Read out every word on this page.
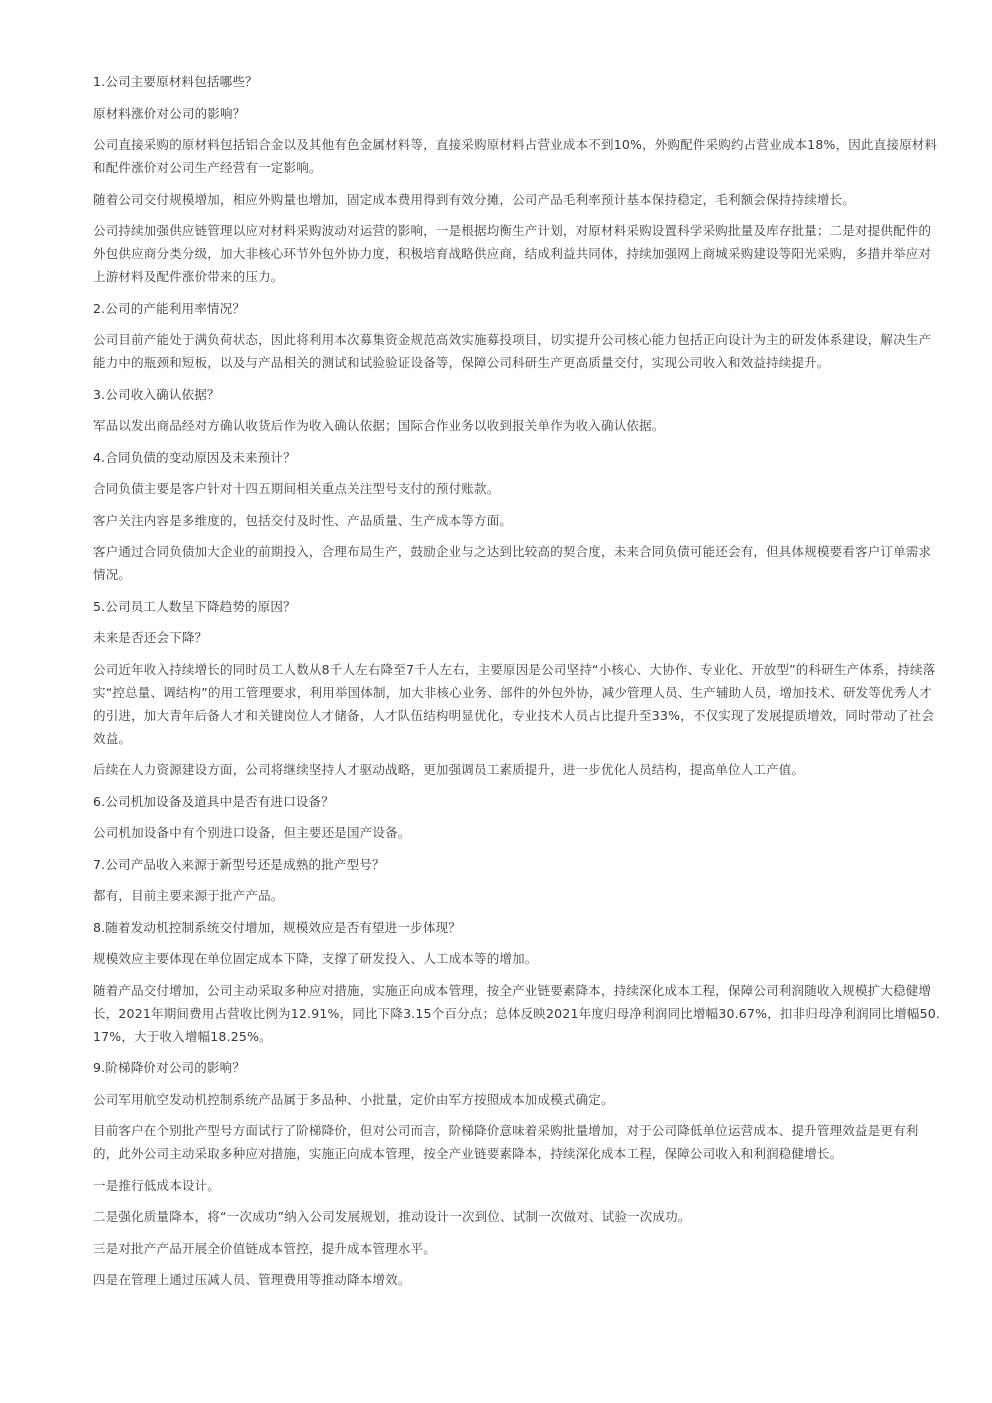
1.公司主要原材料包括哪些？

原材料涨价对公司的影响？

公司直接采购的原材料包括铝合金以及其他有色金属材料等，直接采购原材料占营业成本不到10%，外购配件采购约占营业成本18%，因此直接原材料和配件涨价对公司生产经营有一定影响。

随着公司交付规模增加，相应外购量也增加，固定成本费用得到有效分摊，公司产品毛利率预计基本保持稳定，毛利额会保持持续增长。

公司持续加强供应链管理以应对材料采购波动对运营的影响，一是根据均衡生产计划，对原材料采购设置科学采购批量及库存批量；二是对提供配件的外包供应商分类分级，加大非核心环节外包外协力度，积极培育战略供应商，结成利益共同体，持续加强网上商城采购建设等阳光采购，多措并举应对上游材料及配件涨价带来的压力。

2.公司的产能利用率情况？

公司目前产能处于满负荷状态，因此将利用本次募集资金规范高效实施募投项目，切实提升公司核心能力包括正向设计为主的研发体系建设，解决生产能力中的瓶颈和短板，以及与产品相关的测试和试验验证设备等，保障公司科研生产更高质量交付，实现公司收入和效益持续提升。

3.公司收入确认依据？

军品以发出商品经对方确认收货后作为收入确认依据；国际合作业务以收到报关单作为收入确认依据。

4.合同负债的变动原因及未来预计？

合同负债主要是客户针对十四五期间相关重点关注型号支付的预付账款。

客户关注内容是多维度的，包括交付及时性、产品质量、生产成本等方面。

客户通过合同负债加大企业的前期投入，合理布局生产，鼓励企业与之达到比较高的契合度，未来合同负债可能还会有，但具体规模要看客户订单需求情况。

5.公司员工人数呈下降趋势的原因？

未来是否还会下降？

公司近年收入持续增长的同时员工人数从8千人左右降至7千人左右，主要原因是公司坚持“小核心、大协作、专业化、开放型”的科研生产体系，持续落实“控总量、调结构”的用工管理要求，利用举国体制，加大非核心业务、部件的外包外协，减少管理人员、生产辅助人员，增加技术、研发等优秀人才的引进，加大青年后备人才和关键岗位人才储备，人才队伍结构明显优化，专业技术人员占比提升至33%，不仅实现了发展提质增效，同时带动了社会效益。

后续在人力资源建设方面，公司将继续坚持人才驱动战略，更加强调员工素质提升，进一步优化人员结构，提高单位人工产值。

6.公司机加设备及道具中是否有进口设备？

公司机加设备中有个别进口设备，但主要还是国产设备。

7.公司产品收入来源于新型号还是成熟的批产型号？

都有，目前主要来源于批产产品。

8.随着发动机控制系统交付增加，规模效应是否有望进一步体现？

规模效应主要体现在单位固定成本下降，支撑了研发投入、人工成本等的增加。

随着产品交付增加，公司主动采取多种应对措施，实施正向成本管理，按全产业链要素降本，持续深化成本工程，保障公司利润随收入规模扩大稳健增长，2021年期间费用占营收比例为12.91%，同比下降3.15个百分点；总体反映2021年度归母净利润同比增幅30.67%，扣非归母净利润同比增幅50.17%，大于收入增幅18.25%。

9.阶梯降价对公司的影响？

公司军用航空发动机控制系统产品属于多品种、小批量，定价由军方按照成本加成模式确定。

目前客户在个别批产型号方面试行了阶梯降价，但对公司而言，阶梯降价意味着采购批量增加，对于公司降低单位运营成本、提升管理效益是更有利的，此外公司主动采取多种应对措施，实施正向成本管理，按全产业链要素降本，持续深化成本工程，保障公司收入和利润稳健增长。

一是推行低成本设计。

二是强化质量降本，将“一次成功”纳入公司发展规划，推动设计一次到位、试制一次做对、试验一次成功。

三是对批产产品开展全价值链成本管控，提升成本管理水平。

四是在管理上通过压减人员、管理费用等推动降本增效。
